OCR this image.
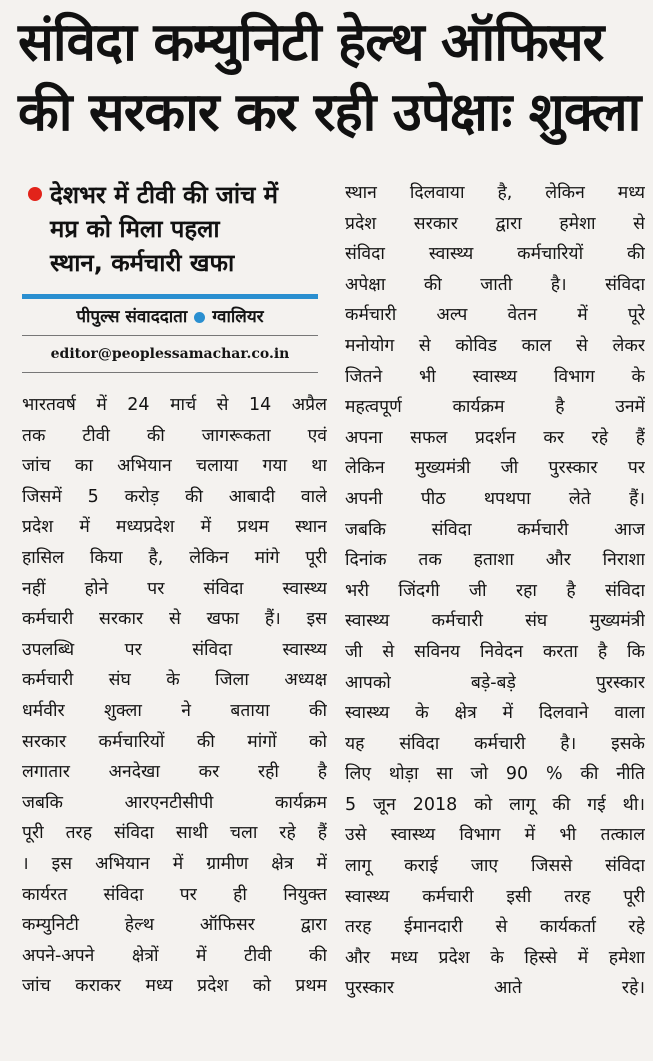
संविदा कम्युनिटी हेल्थ ऑफिसर
की सरकार कर रही उपेक्षाः शुक्ला
देशभर में टीवी की जांच में
मप्र को मिला पहला
स्थान, कर्मचारी खफा
पीपुल्स संवाददाता ग्वालियर
editor@peoplessamachar.co.in
भारतवर्ष में 24 मार्च से 14 अप्रैल
तक टीवी की जागरूकता एवं
जांच का अभियान चलाया गया था
जिसमें 5 करोड़ की आबादी वाले
प्रदेश में मध्यप्रदेश में प्रथम स्थान
हासिल किया है, लेकिन मांगे पूरी
नहीं होने पर संविदा स्वास्थ्य
कर्मचारी सरकार से खफा हैं। इस
उपलब्धि पर संविदा स्वास्थ्य
कर्मचारी संघ के जिला अध्यक्ष
धर्मवीर शुक्ला ने बताया की
सरकार कर्मचारियों की मांगों को
लगातार अनदेखा कर रही है
जबकि आरएनटीसीपी कार्यक्रम
पूरी तरह संविदा साथी चला रहे हैं
। इस अभियान में ग्रामीण क्षेत्र में
कार्यरत संविदा पर ही नियुक्त
कम्युनिटी हेल्थ ऑफिसर द्वारा
अपने-अपने क्षेत्रों में टीवी की
जांच कराकर मध्य प्रदेश को प्रथम
स्थान दिलवाया है, लेकिन मध्य
प्रदेश सरकार द्वारा हमेशा से
संविदा स्वास्थ्य कर्मचारियों की
अपेक्षा की जाती है। संविदा
कर्मचारी अल्प वेतन में पूरे
मनोयोग से कोविड काल से लेकर
जितने भी स्वास्थ्य विभाग के
महत्वपूर्ण कार्यक्रम है उनमें
अपना सफल प्रदर्शन कर रहे हैं
लेकिन मुख्यमंत्री जी पुरस्कार पर
अपनी पीठ थपथपा लेते हैं।
जबकि संविदा कर्मचारी आज
दिनांक तक हताशा और निराशा
भरी जिंदगी जी रहा है संविदा
स्वास्थ्य कर्मचारी संघ मुख्यमंत्री
जी से सविनय निवेदन करता है कि
आपको बड़े-बड़े पुरस्कार
स्वास्थ्य के क्षेत्र में दिलवाने वाला
यह संविदा कर्मचारी है। इसके
लिए थोड़ा सा जो 90 % की नीति
5 जून 2018 को लागू की गई थी।
उसे स्वास्थ्य विभाग में भी तत्काल
लागू कराई जाए जिससे संविदा
स्वास्थ्य कर्मचारी इसी तरह पूरी
तरह ईमानदारी से कार्यकर्ता रहे
और मध्य प्रदेश के हिस्से में हमेशा
पुरस्कार आते रहे।
